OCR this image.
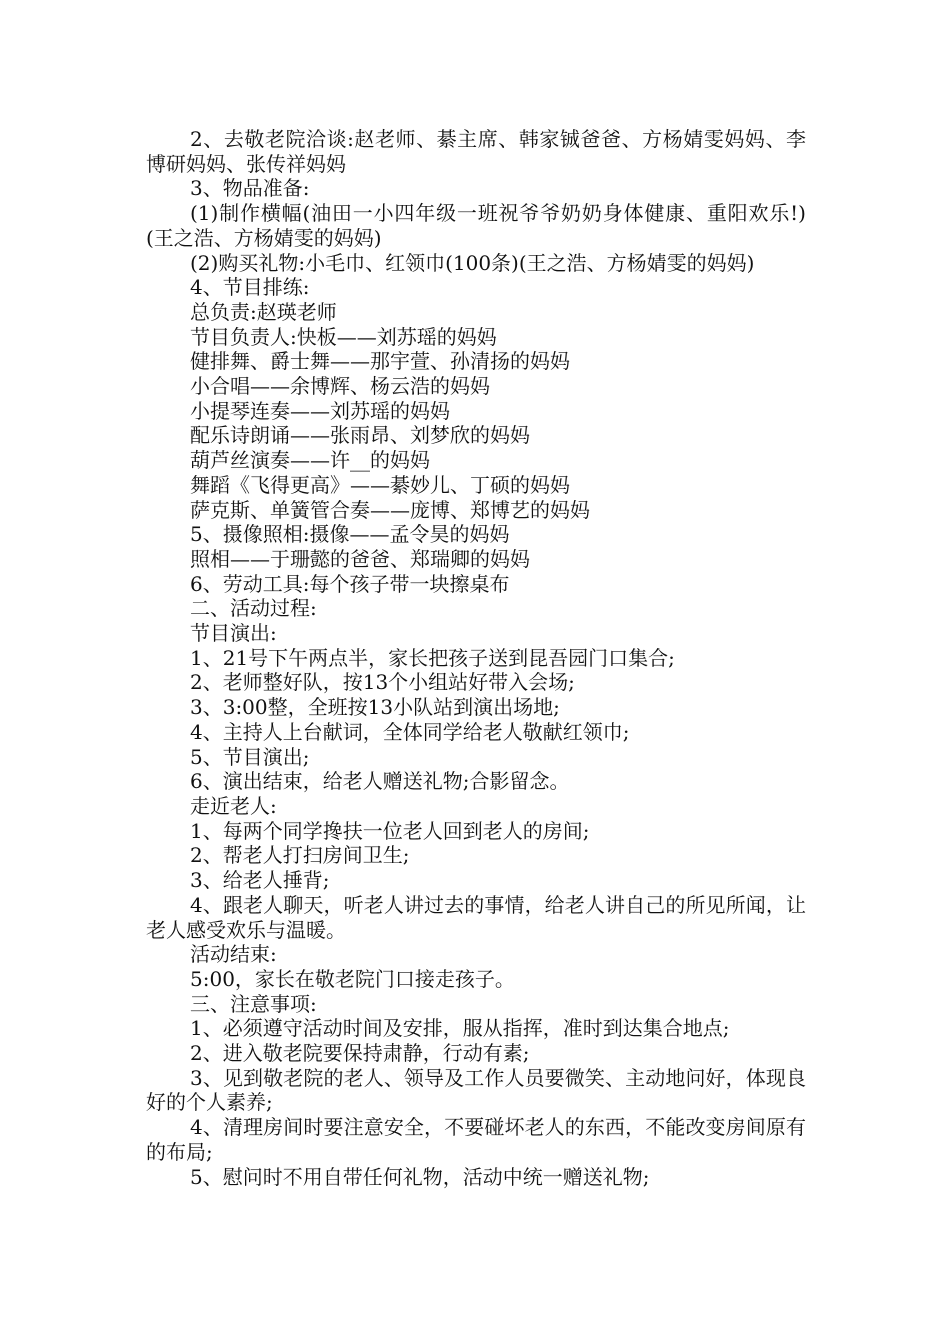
2、去敬老院洽谈:赵老师、綦主席、韩家铖爸爸、方杨婧雯妈妈、李博研妈妈、张传祥妈妈

3、物品准备:

(1)制作横幅(油田一小四年级一班祝爷爷奶奶身体健康、重阳欢乐!)(王之浩、方杨婧雯的妈妈)

(2)购买礼物:小毛巾、红领巾(100条)(王之浩、方杨婧雯的妈妈)

4、节目排练:

总负责:赵瑛老师

节目负责人:快板——刘苏瑶的妈妈

健排舞、爵士舞——那宇萱、孙清扬的妈妈

小合唱——余博辉、杨云浩的妈妈

小提琴连奏——刘苏瑶的妈妈

配乐诗朗诵——张雨昂、刘梦欣的妈妈

葫芦丝演奏——许__的妈妈

舞蹈《飞得更高》——綦妙儿、丁硕的妈妈

萨克斯、单簧管合奏——庞博、郑博艺的妈妈

5、摄像照相:摄像——孟令昊的妈妈

照相——于珊懿的爸爸、郑瑞卿的妈妈

6、劳动工具:每个孩子带一块擦桌布

二、活动过程:

节目演出:

1、21号下午两点半，家长把孩子送到昆吾园门口集合;

2、老师整好队，按13个小组站好带入会场;

3、3:00整，全班按13小队站到演出场地;

4、主持人上台献词，全体同学给老人敬献红领巾;

5、节目演出;

6、演出结束，给老人赠送礼物;合影留念。

走近老人:

1、每两个同学搀扶一位老人回到老人的房间;

2、帮老人打扫房间卫生;

3、给老人捶背;

4、跟老人聊天，听老人讲过去的事情，给老人讲自己的所见所闻，让老人感受欢乐与温暖。

活动结束:

5:00，家长在敬老院门口接走孩子。

三、注意事项:

1、必须遵守活动时间及安排，服从指挥，准时到达集合地点;

2、进入敬老院要保持肃静，行动有素;

3、见到敬老院的老人、领导及工作人员要微笑、主动地问好，体现良好的个人素养;

4、清理房间时要注意安全，不要碰坏老人的东西，不能改变房间原有的布局;

5、慰问时不用自带任何礼物，活动中统一赠送礼物;
